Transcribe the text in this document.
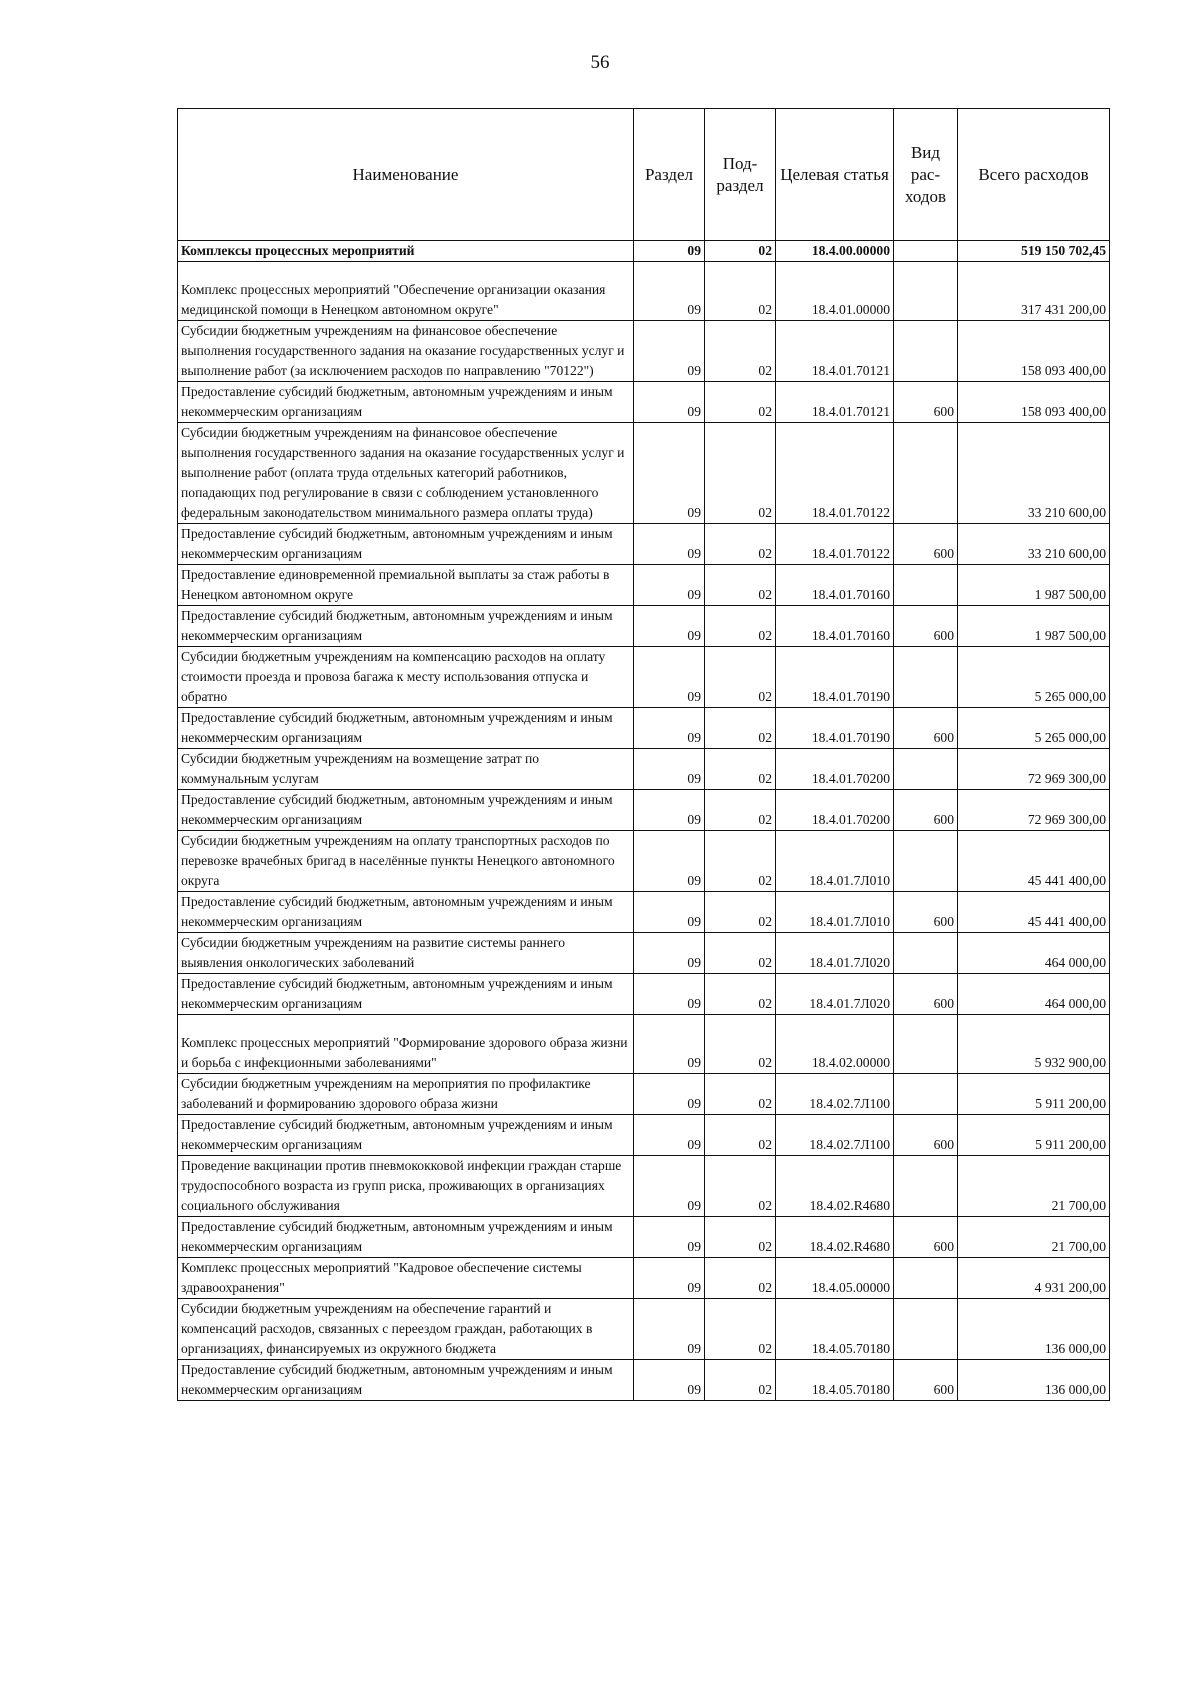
56
Наименование	Раздел	Под-раздел	Целевая статья	Вид рас-ходов	Всего расходов
Комплексы процессных мероприятий	09	02	18.4.00.00000		519 150 702,45
Комплекс процессных мероприятий "Обеспечение организации оказания медицинской помощи в Ненецком автономном округе"	09	02	18.4.01.00000		317 431 200,00
Субсидии бюджетным учреждениям на финансовое обеспечение выполнения государственного задания на оказание государственных услуг и выполнение работ (за исключением расходов по направлению "70122")	09	02	18.4.01.70121		158 093 400,00
Предоставление субсидий бюджетным, автономным учреждениям и иным некоммерческим организациям	09	02	18.4.01.70121	600	158 093 400,00
Субсидии бюджетным учреждениям на финансовое обеспечение выполнения государственного задания на оказание государственных услуг и выполнение работ (оплата труда отдельных категорий работников, попадающих под регулирование в связи с соблюдением установленного федеральным законодательством минимального размера оплаты труда)	09	02	18.4.01.70122		33 210 600,00
Предоставление субсидий бюджетным, автономным учреждениям и иным некоммерческим организациям	09	02	18.4.01.70122	600	33 210 600,00
Предоставление единовременной премиальной выплаты за стаж работы в Ненецком автономном округе	09	02	18.4.01.70160		1 987 500,00
Предоставление субсидий бюджетным, автономным учреждениям и иным некоммерческим организациям	09	02	18.4.01.70160	600	1 987 500,00
Субсидии бюджетным учреждениям на компенсацию расходов на оплату стоимости проезда и провоза багажа к месту использования отпуска и обратно	09	02	18.4.01.70190		5 265 000,00
Предоставление субсидий бюджетным, автономным учреждениям и иным некоммерческим организациям	09	02	18.4.01.70190	600	5 265 000,00
Субсидии бюджетным учреждениям на возмещение затрат по коммунальным услугам	09	02	18.4.01.70200		72 969 300,00
Предоставление субсидий бюджетным, автономным учреждениям и иным некоммерческим организациям	09	02	18.4.01.70200	600	72 969 300,00
Субсидии бюджетным учреждениям на оплату транспортных расходов по перевозке врачебных бригад в населённые пункты Ненецкого автономного округа	09	02	18.4.01.7Л010		45 441 400,00
Предоставление субсидий бюджетным, автономным учреждениям и иным некоммерческим организациям	09	02	18.4.01.7Л010	600	45 441 400,00
Субсидии бюджетным учреждениям на развитие системы раннего выявления онкологических заболеваний	09	02	18.4.01.7Л020		464 000,00
Предоставление субсидий бюджетным, автономным учреждениям и иным некоммерческим организациям	09	02	18.4.01.7Л020	600	464 000,00
Комплекс процессных мероприятий "Формирование здорового образа жизни и борьба с инфекционными заболеваниями"	09	02	18.4.02.00000		5 932 900,00
Субсидии бюджетным учреждениям на мероприятия по профилактике заболеваний и формированию здорового образа жизни	09	02	18.4.02.7Л100		5 911 200,00
Предоставление субсидий бюджетным, автономным учреждениям и иным некоммерческим организациям	09	02	18.4.02.7Л100	600	5 911 200,00
Проведение вакцинации против пневмококковой инфекции граждан старше трудоспособного возраста из групп риска, проживающих в организациях социального обслуживания	09	02	18.4.02.R4680		21 700,00
Предоставление субсидий бюджетным, автономным учреждениям и иным некоммерческим организациям	09	02	18.4.02.R4680	600	21 700,00
Комплекс процессных мероприятий "Кадровое обеспечение системы здравоохранения"	09	02	18.4.05.00000		4 931 200,00
Субсидии бюджетным учреждениям на обеспечение гарантий и компенсаций расходов, связанных с переездом граждан, работающих в организациях, финансируемых из окружного бюджета	09	02	18.4.05.70180		136 000,00
Предоставление субсидий бюджетным, автономным учреждениям и иным некоммерческим организациям	09	02	18.4.05.70180	600	136 000,00
